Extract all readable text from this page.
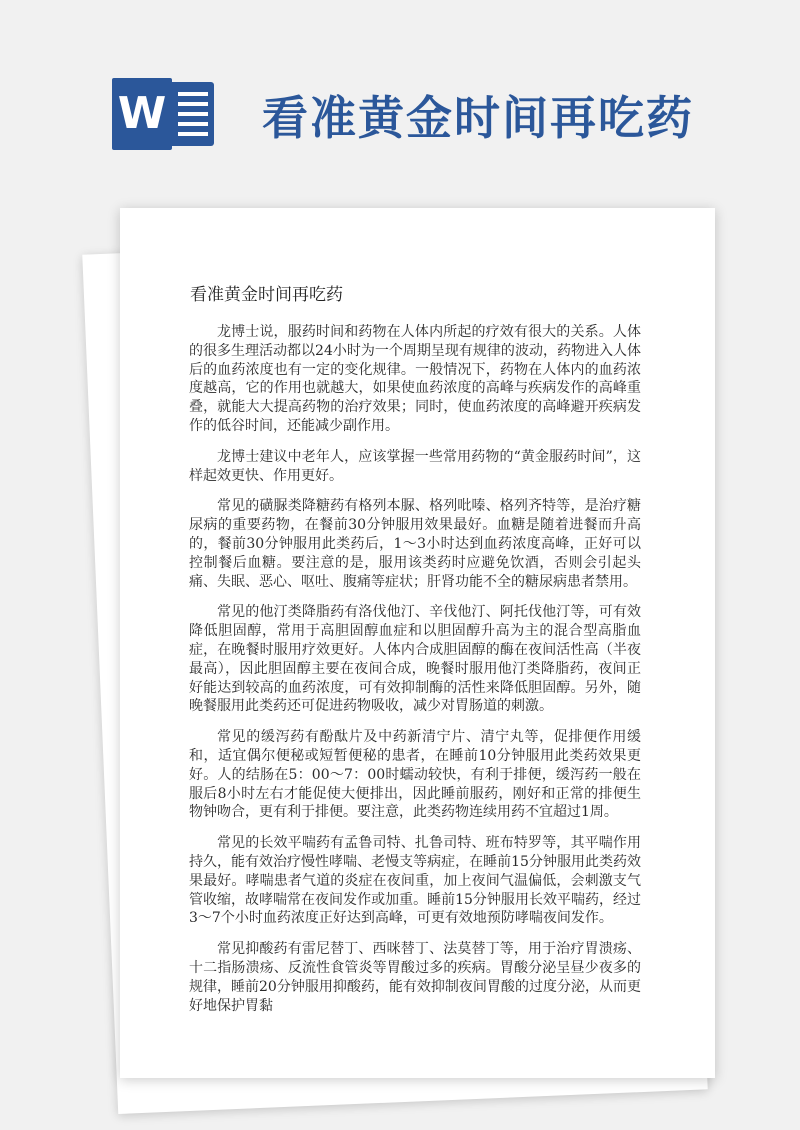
W 看准黄金时间再吃药
看准黄金时间再吃药

龙博士说，服药时间和药物在人体内所起的疗效有很大的关系。人体的很多生理活动都以24小时为一个周期呈现有规律的波动，药物进入人体后的血药浓度也有一定的变化规律。一般情况下，药物在人体内的血药浓度越高，它的作用也就越大，如果使血药浓度的高峰与疾病发作的高峰重叠，就能大大提高药物的治疗效果；同时，使血药浓度的高峰避开疾病发作的低谷时间，还能减少副作用。

龙博士建议中老年人，应该掌握一些常用药物的“黄金服药时间”，这样起效更快、作用更好。

常见的磺脲类降糖药有格列本脲、格列吡嗪、格列齐特等，是治疗糖尿病的重要药物，在餐前30分钟服用效果最好。血糖是随着进餐而升高的，餐前30分钟服用此类药后，1～3小时达到血药浓度高峰，正好可以控制餐后血糖。要注意的是，服用该类药时应避免饮酒，否则会引起头痛、失眠、恶心、呕吐、腹痛等症状；肝肾功能不全的糖尿病患者禁用。

常见的他汀类降脂药有洛伐他汀、辛伐他汀、阿托伐他汀等，可有效降低胆固醇，常用于高胆固醇血症和以胆固醇升高为主的混合型高脂血症，在晚餐时服用疗效更好。人体内合成胆固醇的酶在夜间活性高（半夜最高），因此胆固醇主要在夜间合成，晚餐时服用他汀类降脂药，夜间正好能达到较高的血药浓度，可有效抑制酶的活性来降低胆固醇。另外，随晚餐服用此类药还可促进药物吸收，减少对胃肠道的刺激。

常见的缓泻药有酚酞片及中药新清宁片、清宁丸等，促排便作用缓和，适宜偶尔便秘或短暂便秘的患者，在睡前10分钟服用此类药效果更好。人的结肠在5：00～7：00时蠕动较快，有利于排便，缓泻药一般在服后8小时左右才能促使大便排出，因此睡前服药，刚好和正常的排便生物钟吻合，更有利于排便。要注意，此类药物连续用药不宜超过1周。

常见的长效平喘药有孟鲁司特、扎鲁司特、班布特罗等，其平喘作用持久，能有效治疗慢性哮喘、老慢支等病症，在睡前15分钟服用此类药效果最好。哮喘患者气道的炎症在夜间重，加上夜间气温偏低，会刺激支气管收缩，故哮喘常在夜间发作或加重。睡前15分钟服用长效平喘药，经过3～7个小时血药浓度正好达到高峰，可更有效地预防哮喘夜间发作。

常见抑酸药有雷尼替丁、西咪替丁、法莫替丁等，用于治疗胃溃疡、十二指肠溃疡、反流性食管炎等胃酸过多的疾病。胃酸分泌呈昼少夜多的规律，睡前20分钟服用抑酸药，能有效抑制夜间胃酸的过度分泌，从而更好地保护胃黏
